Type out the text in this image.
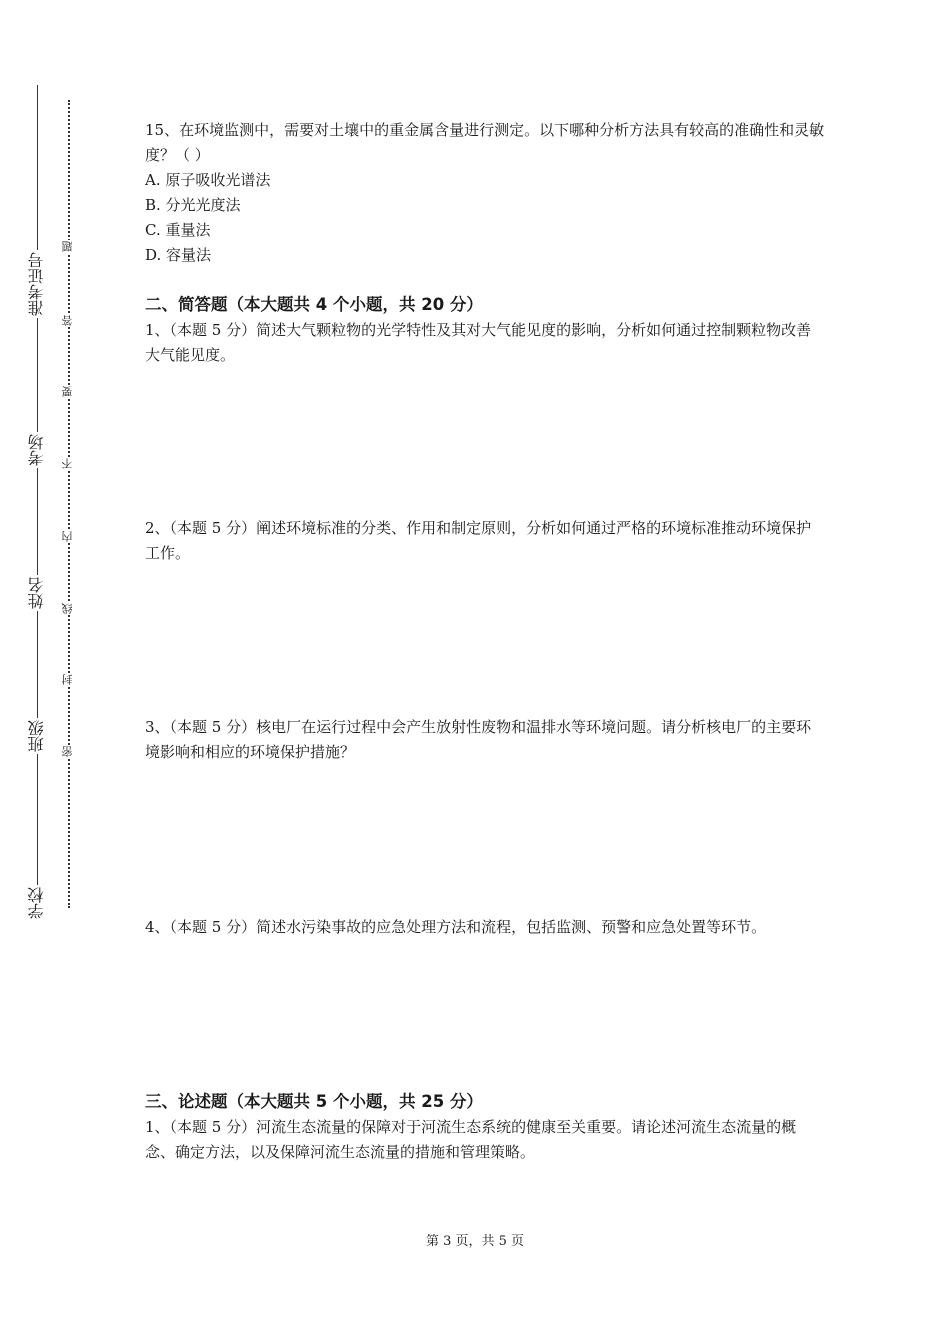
准考证号
考场
姓名
班级
学校
题
答
要
不
内
线
封
密

15、在环境监测中，需要对土壤中的重金属含量进行测定。以下哪种分析方法具有较高的准确性和灵敏度？（ ）

A. 原子吸收光谱法
B. 分光光度法
C. 重量法
D. 容量法
二、简答题（本大题共 4 个小题，共 20 分）

1、（本题 5 分）简述大气颗粒物的光学特性及其对大气能见度的影响，分析如何通过控制颗粒物改善大气能见度。

2、（本题 5 分）阐述环境标准的分类、作用和制定原则，分析如何通过严格的环境标准推动环境保护工作。

3、（本题 5 分）核电厂在运行过程中会产生放射性废物和温排水等环境问题。请分析核电厂的主要环境影响和相应的环境保护措施？

4、（本题 5 分）简述水污染事故的应急处理方法和流程，包括监测、预警和应急处置等环节。

三、论述题（本大题共 5 个小题，共 25 分）

1、（本题 5 分）河流生态流量的保障对于河流生态系统的健康至关重要。请论述河流生态流量的概念、确定方法，以及保障河流生态流量的措施和管理策略。

第 3 页，共 5 页
